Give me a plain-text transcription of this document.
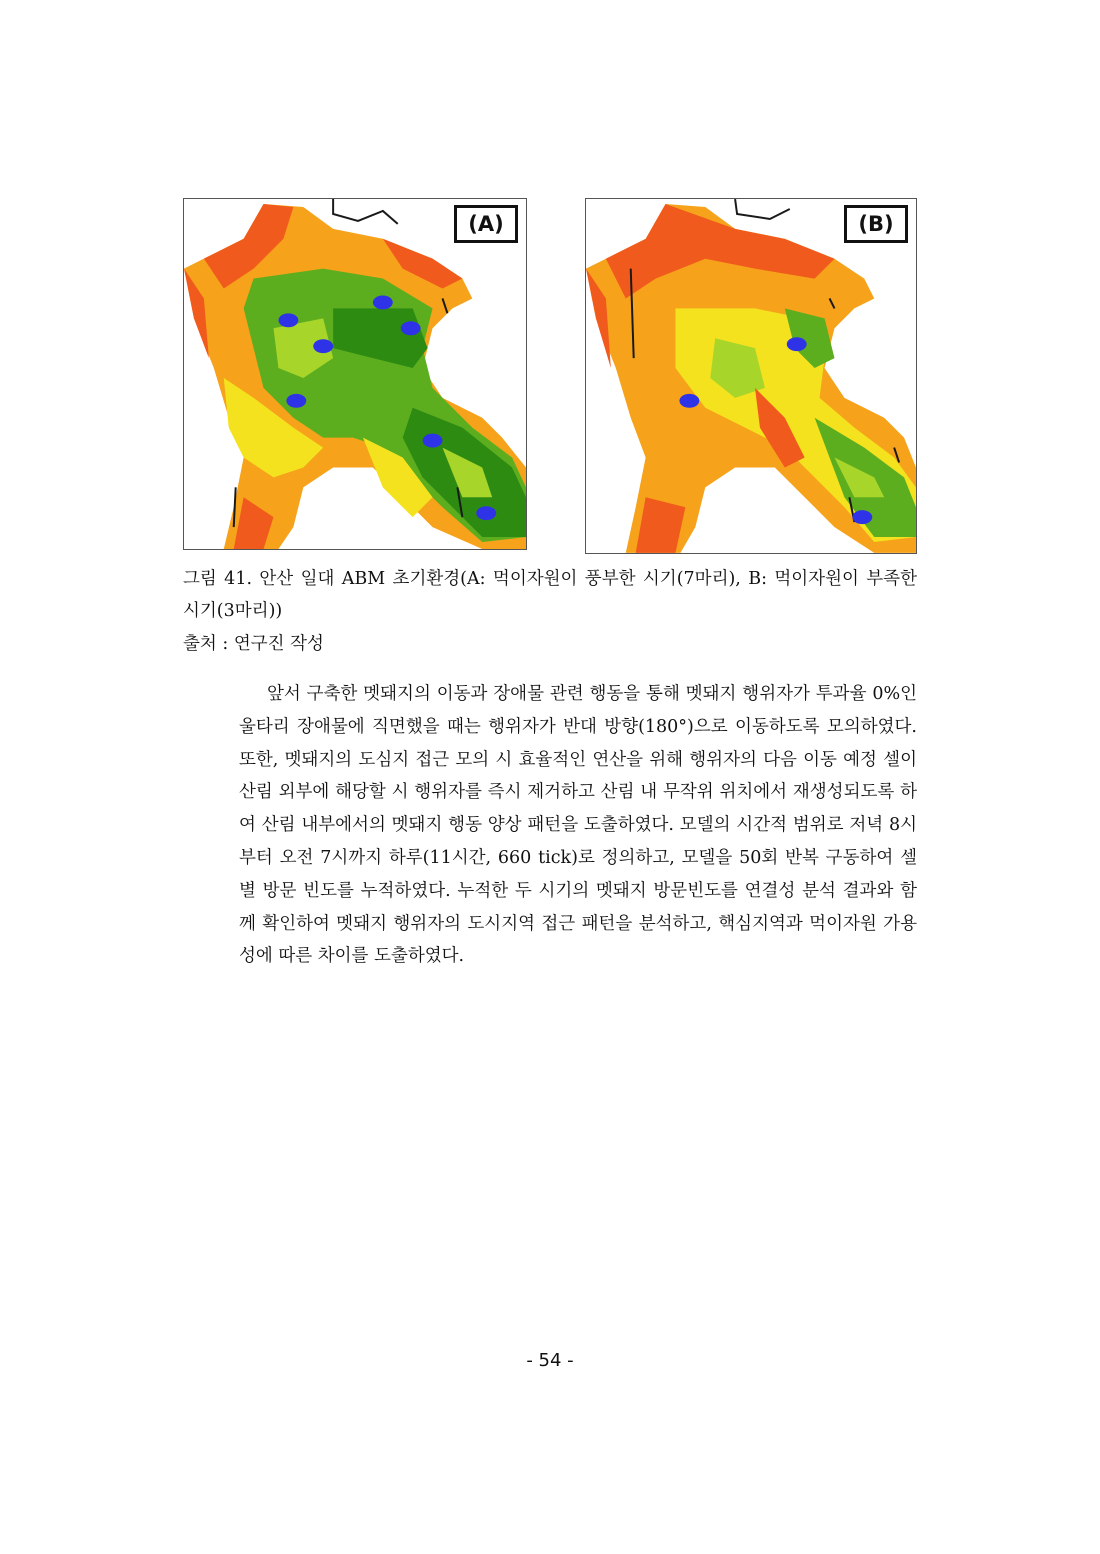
(A)	(B)

그림 41. 안산 일대 ABM 초기환경(A: 먹이자원이 풍부한 시기(7마리), B: 먹이자원이 부족한 시기(3마리))

출처 : 연구진 작성

앞서 구축한 멧돼지의 이동과 장애물 관련 행동을 통해 멧돼지 행위자가 투과율 0%인 울타리 장애물에 직면했을 때는 행위자가 반대 방향(180°)으로 이동하도록 모의하였다. 또한, 멧돼지의 도심지 접근 모의 시 효율적인 연산을 위해 행위자의 다음 이동 예정 셀이 산림 외부에 해당할 시 행위자를 즉시 제거하고 산림 내 무작위 위치에서 재생성되도록 하여 산림 내부에서의 멧돼지 행동 양상 패턴을 도출하였다. 모델의 시간적 범위로 저녁 8시부터 오전 7시까지 하루(11시간, 660 tick)로 정의하고, 모델을 50회 반복 구동하여 셀별 방문 빈도를 누적하였다. 누적한 두 시기의 멧돼지 방문빈도를 연결성 분석 결과와 함께 확인하여 멧돼지 행위자의 도시지역 접근 패턴을 분석하고, 핵심지역과 먹이자원 가용성에 따른 차이를 도출하였다.

- 54 -
